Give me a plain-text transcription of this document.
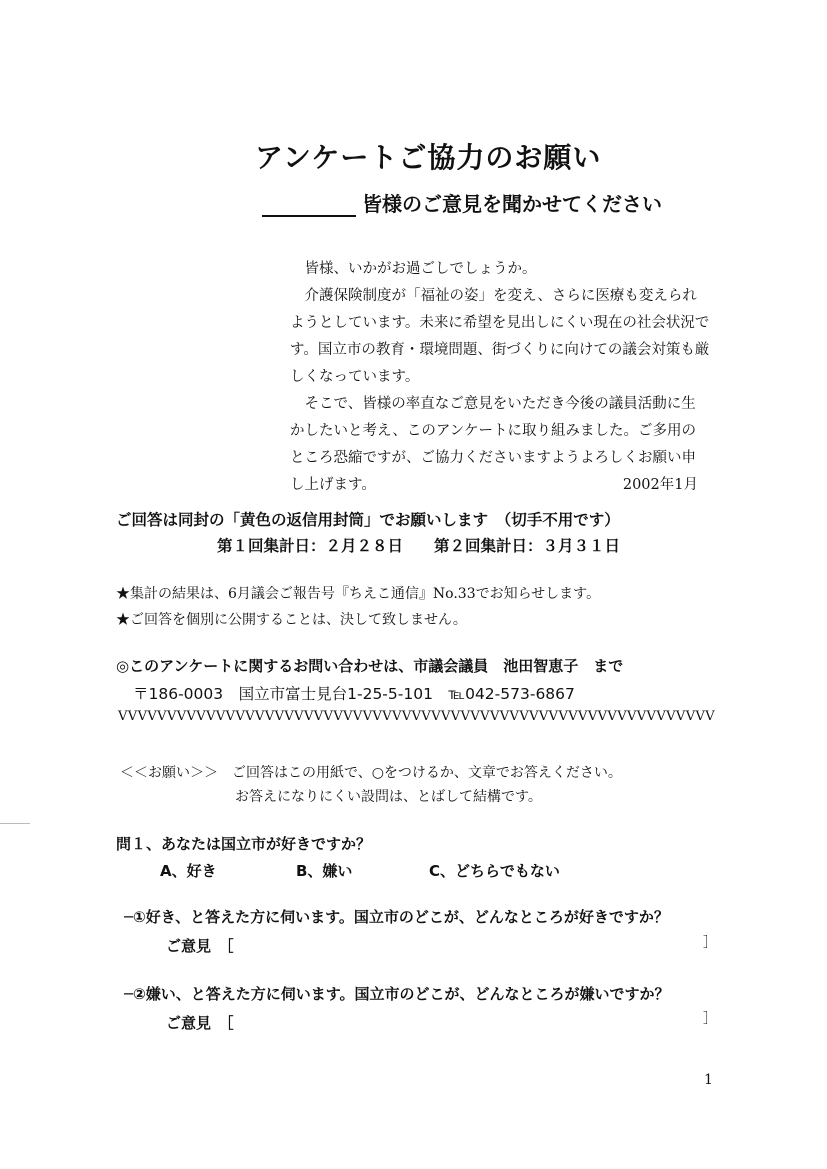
アンケートご協力のお願い
皆様のご意見を聞かせてください

皆様、いかがお過ごしでしょうか。

介護保険制度が「福祉の姿」を変え、さらに医療も変えられようとしています。未来に希望を見出しにくい現在の社会状況です。国立市の教育・環境問題、街づくりに向けての議会対策も厳しくなっています。

そこで、皆様の率直なご意見をいただき今後の議員活動に生かしたいと考え、このアンケートに取り組みました。ご多用のところ恐縮ですが、ご協力くださいますようよろしくお願い申し上げます。	2002年1月
ご回答は同封の「黄色の返信用封筒」でお願いします　（切手不用です）
第１回集計日：２月２８日　　第２回集計日：３月３１日
★集計の結果は、6月議会ご報告号『ちえこ通信』No.33でお知らせします。
★ご回答を個別に公開することは、決して致しません。
◎このアンケートに関するお問い合わせは、市議会議員　池田智恵子　まで
〒186-0003　国立市富士見台1-25-5-101　℡042-573-6867
VVVVVVVVVVVVVVVVVVVVVVVVVVVVVVVVVVVVVVVVVVVVVVVVVVVVVVVVVVVVV
＜＜お願い＞＞　 ご回答はこの用紙で、○をつけるか、文章でお答えください。
お答えになりにくい設問は、とばして結構です。
問１、あなたは国立市が好きですか？
A、好き	B、嫌い	C、どちらでもない
─①好き、と答えた方に伺います。国立市のどこが、どんなところが好きですか？
ご意見　［	］
─②嫌い、と答えた方に伺います。国立市のどこが、どんなところが嫌いですか？
ご意見　［	］
1
